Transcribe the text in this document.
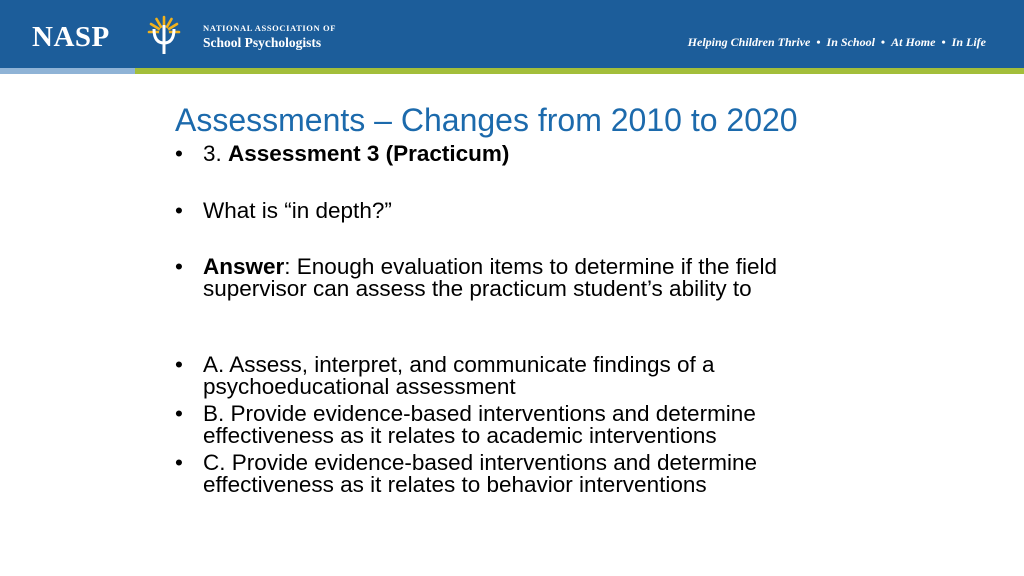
NASP	NATIONAL ASSOCIATION OF
School Psychologists	Helping Children Thrive • In School • At Home • In Life
Assessments – Changes from 2010 to 2020
• 3. Assessment 3 (Practicum)
• What is “in depth?”
• Answer: Enough evaluation items to determine if the field supervisor can assess the practicum student’s ability to
• A. Assess, interpret, and communicate findings of a psychoeducational assessment
• B. Provide evidence-based interventions and determine effectiveness as it relates to academic interventions
• C. Provide evidence-based interventions and determine effectiveness as it relates to behavior interventions
